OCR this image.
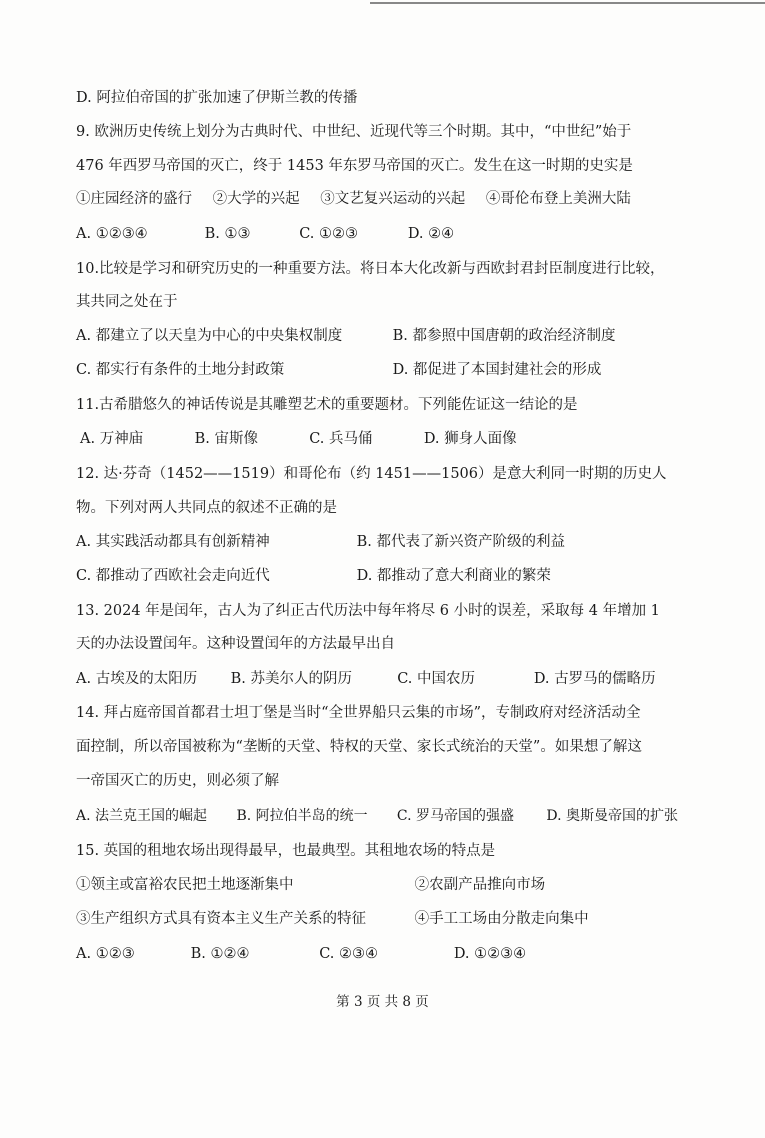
D. 阿拉伯帝国的扩张加速了伊斯兰教的传播
9. 欧洲历史传统上划分为古典时代、中世纪、近现代等三个时期。其中，“中世纪”始于
476 年西罗马帝国的灭亡，终于 1453 年东罗马帝国的灭亡。发生在这一时期的史实是
①庄园经济的盛行 ②大学的兴起 ③文艺复兴运动的兴起 ④哥伦布登上美洲大陆
A. ①②③④	B. ①③	C. ①②③	D. ②④
10.比较是学习和研究历史的一种重要方法。将日本大化改新与西欧封君封臣制度进行比较，
其共同之处在于
A. 都建立了以天皇为中心的中央集权制度	B. 都参照中国唐朝的政治经济制度
C. 都实行有条件的土地分封政策	D. 都促进了本国封建社会的形成
11.古希腊悠久的神话传说是其雕塑艺术的重要题材。下列能佐证这一结论的是
A. 万神庙	B. 宙斯像	C. 兵马俑	D. 狮身人面像
12. 达·芬奇（1452——1519）和哥伦布（约 1451——1506）是意大利同一时期的历史人
物。下列对两人共同点的叙述不正确的是
A. 其实践活动都具有创新精神	B. 都代表了新兴资产阶级的利益
C. 都推动了西欧社会走向近代	D. 都推动了意大利商业的繁荣
13. 2024 年是闰年，古人为了纠正古代历法中每年将尽 6 小时的误差，采取每 4 年增加 1
天的办法设置闰年。这种设置闰年的方法最早出自
A. 古埃及的太阳历 B. 苏美尔人的阴历	C. 中国农历	D. 古罗马的儒略历
14. 拜占庭帝国首都君士坦丁堡是当时“全世界船只云集的市场”，专制政府对经济活动全
面控制，所以帝国被称为“垄断的天堂、特权的天堂、家长式统治的天堂”。如果想了解这
一帝国灭亡的历史，则必须了解
A. 法兰克王国的崛起 B. 阿拉伯半岛的统一 C. 罗马帝国的强盛 D. 奥斯曼帝国的扩张
15. 英国的租地农场出现得最早，也最典型。其租地农场的特点是
①领主或富裕农民把土地逐渐集中	②农副产品推向市场
③生产组织方式具有资本主义生产关系的特征	④手工工场由分散走向集中
A. ①②③	B. ①②④	C. ②③④	D. ①②③④
第 3 页 共 8 页
